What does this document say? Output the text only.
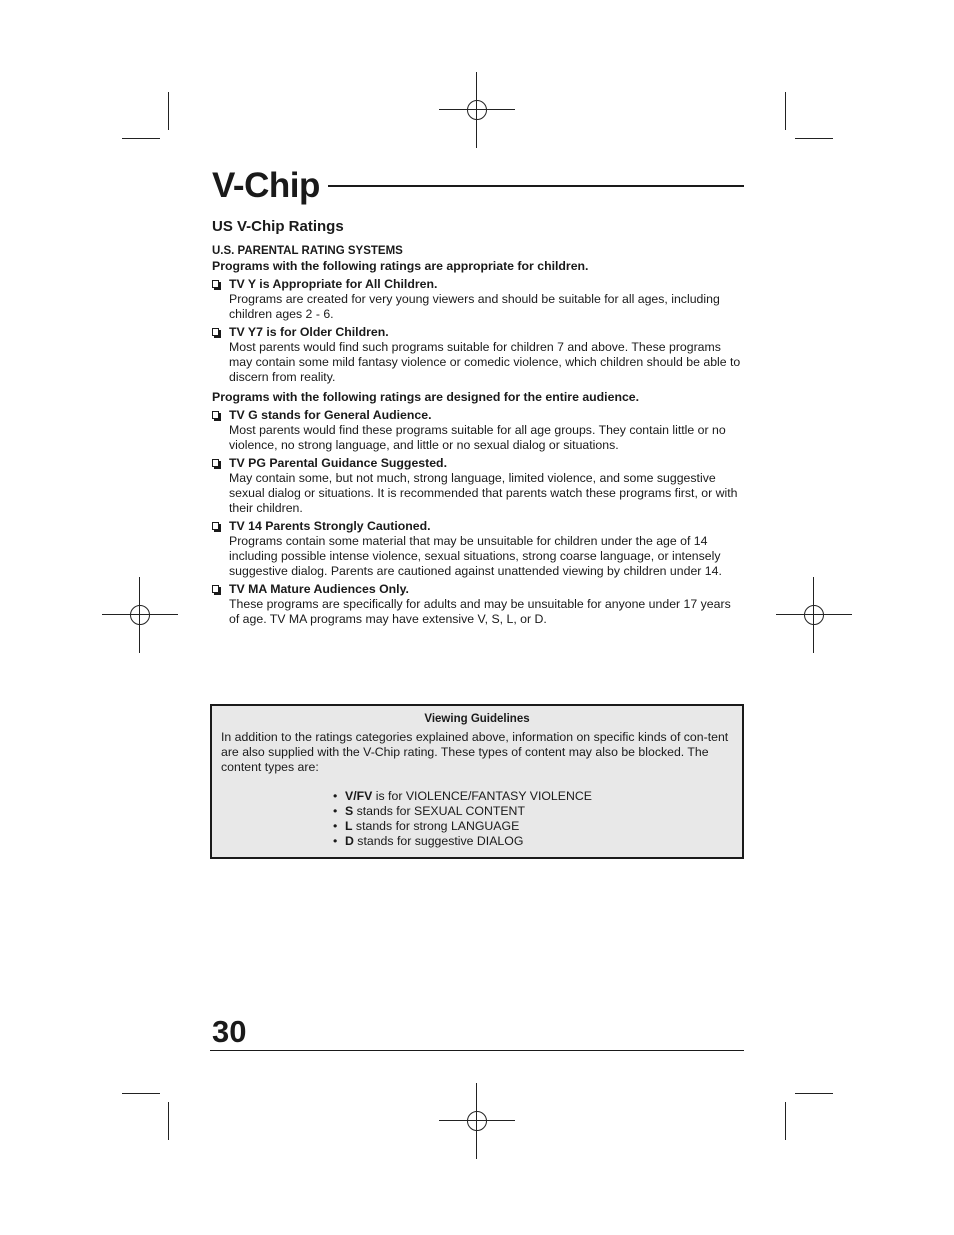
V-Chip
US V-Chip Ratings
U.S. PARENTAL RATING SYSTEMS
Programs with the following ratings are appropriate for children.
TV Y is Appropriate for All Children.
Programs are created for very young viewers and should be suitable for all ages, including children ages 2 - 6.
TV Y7 is for Older Children.
Most parents would find such programs suitable for children 7 and above. These programs may contain some mild fantasy violence or comedic violence, which children should be able to discern from reality.
Programs with the following ratings are designed for the entire audience.
TV G stands for General Audience.
Most parents would find these programs suitable for all age groups. They contain little or no violence, no strong language, and little or no sexual dialog or situations.
TV PG Parental Guidance Suggested.
May contain some, but not much, strong language, limited violence, and some suggestive sexual dialog or situations. It is recommended that parents watch these programs first, or with their children.
TV 14 Parents Strongly Cautioned.
Programs contain some material that may be unsuitable for children under the age of 14 including possible intense violence, sexual situations, strong coarse language, or intensely suggestive dialog. Parents are cautioned against unattended viewing by children under 14.
TV MA Mature Audiences Only.
These programs are specifically for adults and may be unsuitable for anyone under 17 years of age. TV MA programs may have extensive V, S, L, or D.
Viewing Guidelines
In addition to the ratings categories explained above, information on specific kinds of con-tent are also supplied with the V-Chip rating. These types of content may also be blocked. The content types are:
• V/FV is for VIOLENCE/FANTASY VIOLENCE
• S stands for SEXUAL CONTENT
• L stands for strong LANGUAGE
• D stands for suggestive DIALOG
30
